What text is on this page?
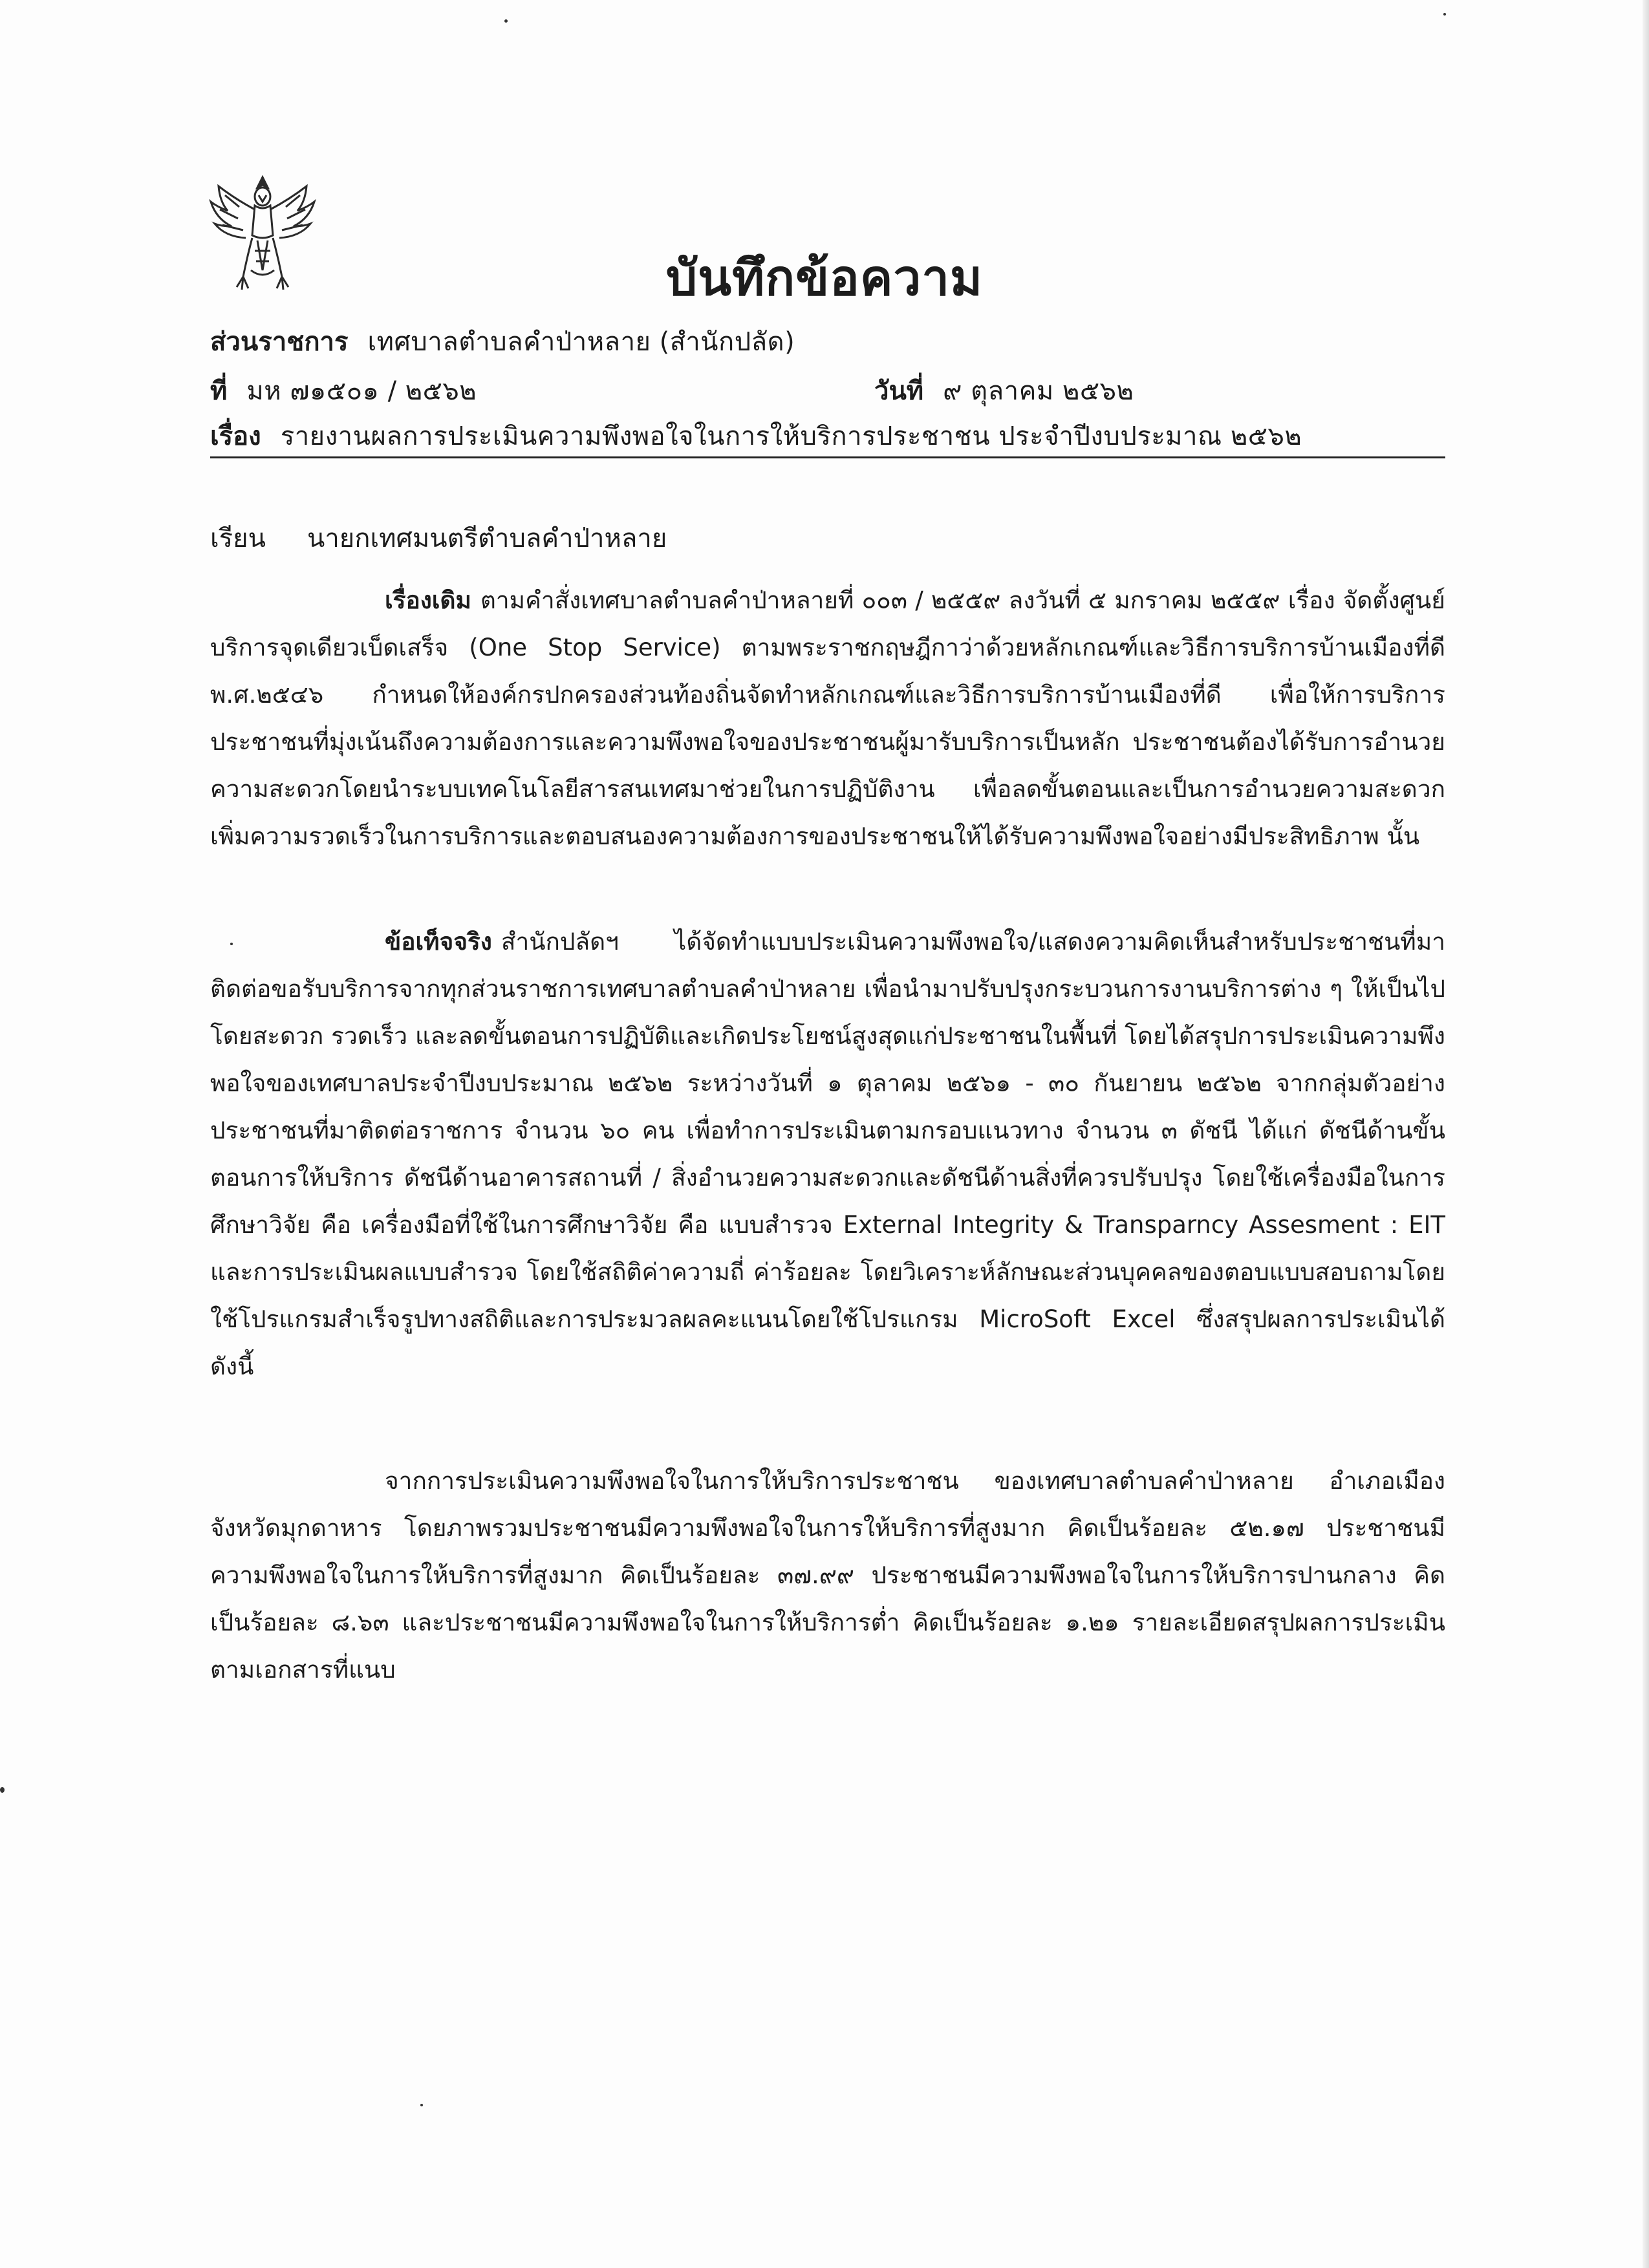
บันทึกข้อความ
ส่วนราชการ เทศบาลตำบลคำป่าหลาย (สำนักปลัด)
ที่ มห ๗๑๕๐๑ / ๒๕๖๒	วันที่ ๙ ตุลาคม ๒๕๖๒
เรื่อง รายงานผลการประเมินความพึงพอใจในการให้บริการประชาชน ประจำปีงบประมาณ ๒๕๖๒
เรียน นายกเทศมนตรีตำบลคำป่าหลาย
เรื่องเดิม ตามคำสั่งเทศบาลตำบลคำป่าหลายที่ ๐๐๓ / ๒๕๕๙ ลงวันที่ ๕ มกราคม ๒๕๕๙ เรื่อง จัดตั้งศูนย์บริการจุดเดียวเบ็ดเสร็จ (One Stop Service) ตามพระราชกฤษฎีกาว่าด้วยหลักเกณฑ์และวิธีการบริการบ้านเมืองที่ดี พ.ศ.๒๕๔๖ กำหนดให้องค์กรปกครองส่วนท้องถิ่นจัดทำหลักเกณฑ์และวิธีการบริการบ้านเมืองที่ดี เพื่อให้การบริการประชาชนที่มุ่งเน้นถึงความต้องการและความพึงพอใจของประชาชนผู้มารับบริการเป็นหลัก ประชาชนต้องได้รับการอำนวยความสะดวกโดยนำระบบเทคโนโลยีสารสนเทศมาช่วยในการปฏิบัติงาน เพื่อลดขั้นตอนและเป็นการอำนวยความสะดวก เพิ่มความรวดเร็วในการบริการและตอบสนองความต้องการของประชาชนให้ได้รับความพึงพอใจอย่างมีประสิทธิภาพ นั้น
ข้อเท็จจริง สำนักปลัดฯ ได้จัดทำแบบประเมินความพึงพอใจ/แสดงความคิดเห็นสำหรับประชาชนที่มาติดต่อขอรับบริการจากทุกส่วนราชการเทศบาลตำบลคำป่าหลาย เพื่อนำมาปรับปรุงกระบวนการงานบริการต่าง ๆ ให้เป็นไปโดยสะดวก รวดเร็ว และลดขั้นตอนการปฏิบัติและเกิดประโยชน์สูงสุดแก่ประชาชนในพื้นที่ โดยได้สรุปการประเมินความพึงพอใจของเทศบาลประจำปีงบประมาณ ๒๕๖๒ ระหว่างวันที่ ๑ ตุลาคม ๒๕๖๑ - ๓๐ กันยายน ๒๕๖๒ จากกลุ่มตัวอย่างประชาชนที่มาติดต่อราชการ จำนวน ๖๐ คน เพื่อทำการประเมินตามกรอบแนวทาง จำนวน ๓ ดัชนี ได้แก่ ดัชนีด้านขั้นตอนการให้บริการ ดัชนีด้านอาคารสถานที่ / สิ่งอำนวยความสะดวกและดัชนีด้านสิ่งที่ควรปรับปรุง โดยใช้เครื่องมือในการศึกษาวิจัย คือ เครื่องมือที่ใช้ในการศึกษาวิจัย คือ แบบสำรวจ External Integrity & Transparncy Assesment : EIT และการประเมินผลแบบสำรวจ โดยใช้สถิติค่าความถี่ ค่าร้อยละ โดยวิเคราะห์ลักษณะส่วนบุคคลของตอบแบบสอบถามโดยใช้โปรแกรมสำเร็จรูปทางสถิติและการประมวลผลคะแนนโดยใช้โปรแกรม MicroSoft Excel ซึ่งสรุปผลการประเมินได้ดังนี้
จากการประเมินความพึงพอใจในการให้บริการประชาชน ของเทศบาลตำบลคำป่าหลาย อำเภอเมือง จังหวัดมุกดาหาร โดยภาพรวมประชาชนมีความพึงพอใจในการให้บริการที่สูงมาก คิดเป็นร้อยละ ๕๒.๑๗ ประชาชนมีความพึงพอใจในการให้บริการที่สูงมาก คิดเป็นร้อยละ ๓๗.๙๙ ประชาชนมีความพึงพอใจในการให้บริการปานกลาง คิดเป็นร้อยละ ๘.๖๓ และประชาชนมีความพึงพอใจในการให้บริการต่ำ คิดเป็นร้อยละ ๑.๒๑ รายละเอียดสรุปผลการประเมินตามเอกสารที่แนบ
